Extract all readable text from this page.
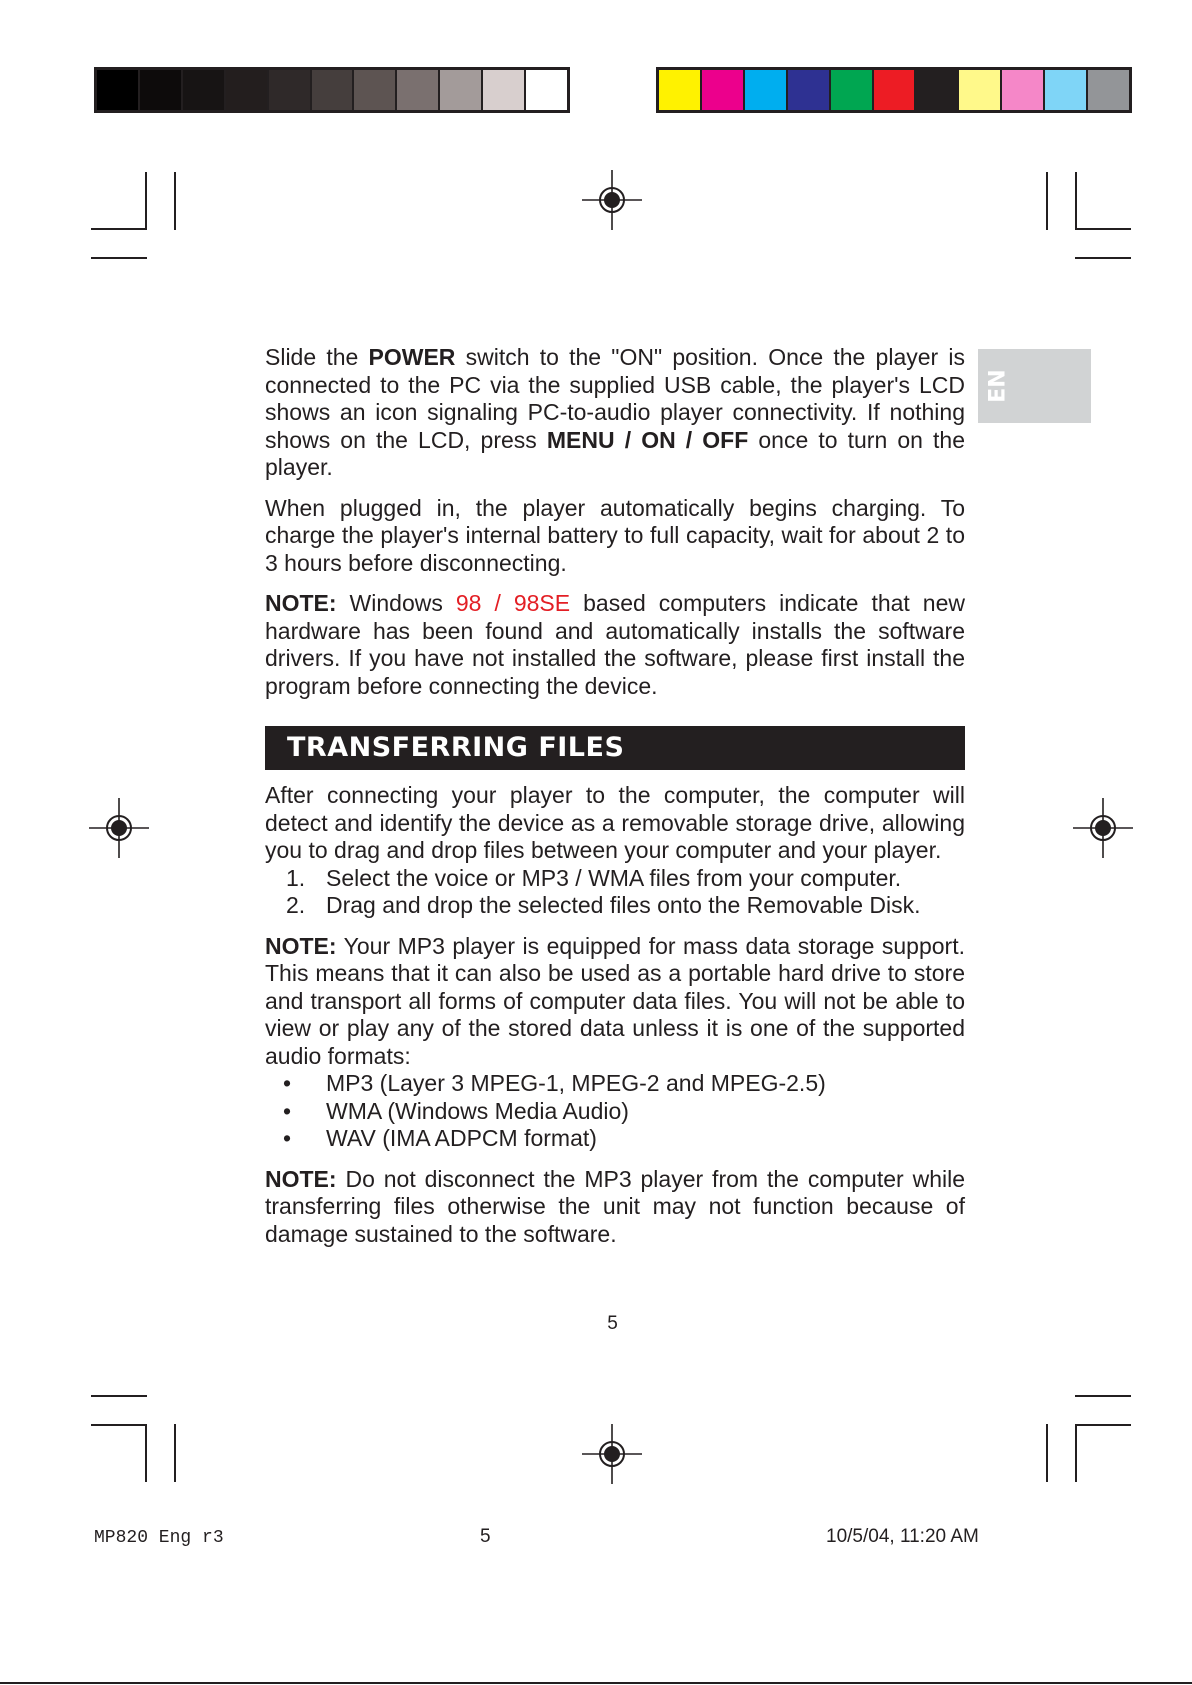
EN

Slide the POWER switch to the "ON" position. Once the player is connected to the PC via the supplied USB cable, the player's LCD shows an icon signaling PC-to-audio player connectivity. If nothing shows on the LCD, press MENU / ON / OFF once to turn on the player.

When plugged in, the player automatically begins charging. To charge the player's internal battery to full capacity, wait for about 2 to 3 hours before disconnecting.

NOTE: Windows 98 / 98SE based computers indicate that new hardware has been found and automatically installs the software drivers. If you have not installed the software, please first install the program before connecting the device.

TRANSFERRING FILES

After connecting your player to the computer, the computer will detect and identify the device as a removable storage drive, allowing you to drag and drop files between your computer and your player.

1. Select the voice or MP3 / WMA files from your computer.
2. Drag and drop the selected files onto the Removable Disk.

NOTE: Your MP3 player is equipped for mass data storage support. This means that it can also be used as a portable hard drive to store and transport all forms of computer data files. You will not be able to view or play any of the stored data unless it is one of the supported audio formats:

• MP3 (Layer 3 MPEG-1, MPEG-2 and MPEG-2.5)
• WMA (Windows Media Audio)
• WAV (IMA ADPCM format)

NOTE: Do not disconnect the MP3 player from the computer while transferring files otherwise the unit may not function because of damage sustained to the software.

5
MP820 Eng r3	5	10/5/04, 11:20 AM
